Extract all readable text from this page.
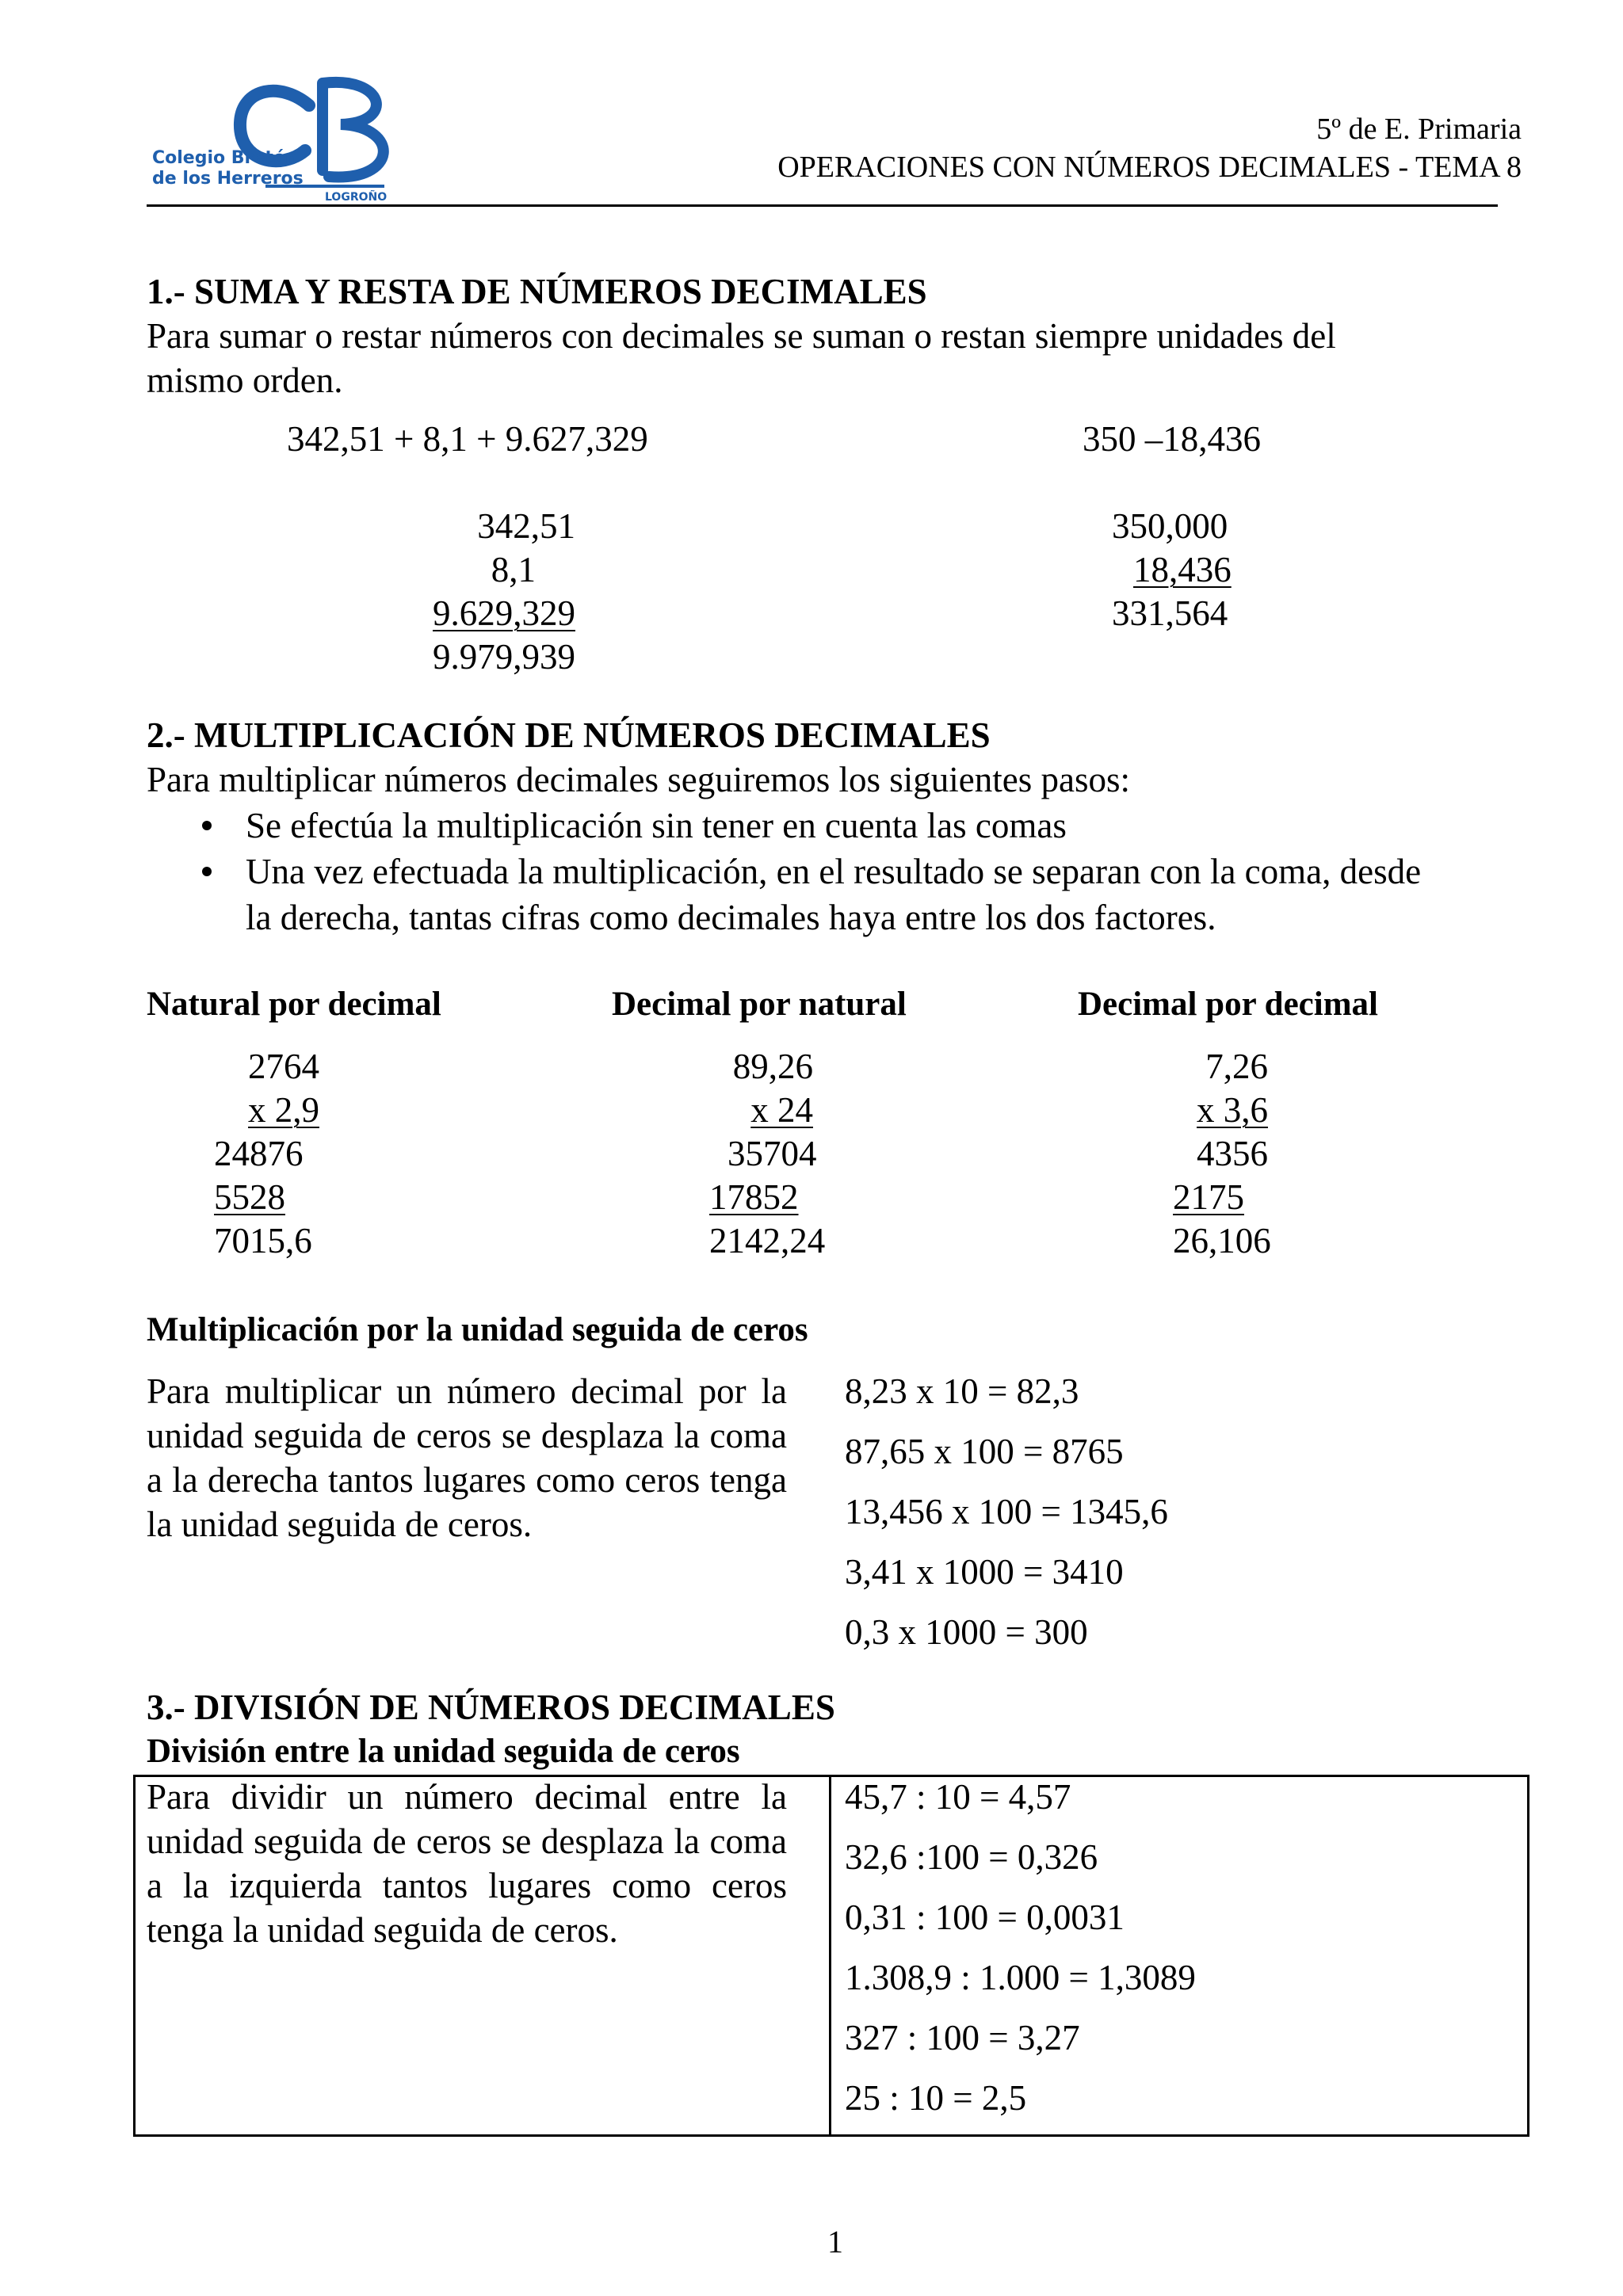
Colegio Bretón
de los Herreros
LOGROÑO
5º de E. Primaria
OPERACIONES CON NÚMEROS DECIMALES - TEMA 8
1.- SUMA Y RESTA DE NÚMEROS DECIMALES
Para sumar o restar números con decimales se suman o restan siempre unidades del
mismo orden.
342,51 + 8,1 + 9.627,329	350 –18,436
342,51
8,1
9.629,329
9.979,939
350,000
18,436
331,564
2.- MULTIPLICACIÓN DE NÚMEROS DECIMALES
Para multiplicar números decimales seguiremos los siguientes pasos:
Se efectúa la multiplicación sin tener en cuenta las comas
Una vez efectuada la multiplicación, en el resultado se separan con la coma, desde
la derecha, tantas cifras como decimales haya entre los dos factores.
Natural por decimal	Decimal por natural	Decimal por decimal
2764
x 2,9
24876
5528
7015,6
89,26
x 24
35704
17852
2142,24
7,26
x 3,6
4356
2175
26,106
Multiplicación por la unidad seguida de ceros
Para multiplicar un número decimal por la unidad seguida de ceros se desplaza la coma a la derecha tantos lugares como ceros tenga la unidad seguida de ceros.
8,23 x 10 = 82,3
87,65 x 100 = 8765
13,456 x 100 = 1345,6
3,41 x 1000 = 3410
0,3 x 1000 = 300
3.- DIVISIÓN DE NÚMEROS DECIMALES
División entre la unidad seguida de ceros
Para dividir un número decimal entre la unidad seguida de ceros se desplaza la coma a la izquierda tantos lugares como ceros tenga la unidad seguida de ceros.
45,7 : 10 = 4,57
32,6 :100 = 0,326
0,31 : 100 = 0,0031
1.308,9 : 1.000 = 1,3089
327 : 100 = 3,27
25 : 10 = 2,5
1
